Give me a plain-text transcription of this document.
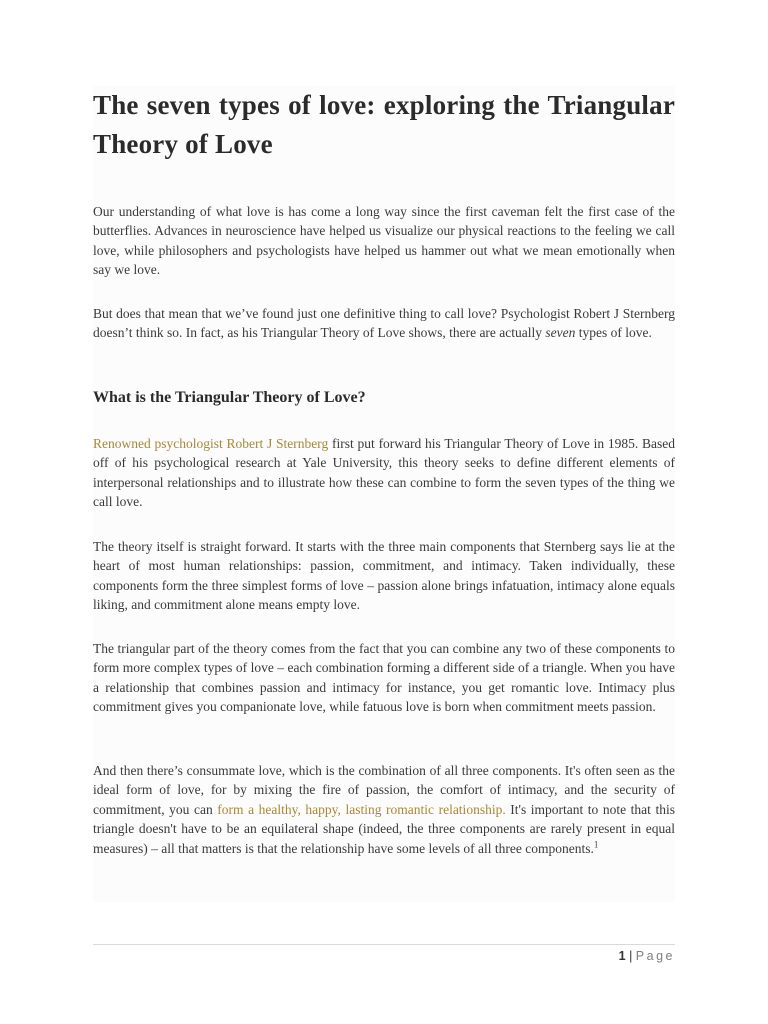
The seven types of love: exploring the Triangular Theory of Love

Our understanding of what love is has come a long way since the first caveman felt the first case of the butterflies. Advances in neuroscience have helped us visualize our physical reactions to the feeling we call love, while philosophers and psychologists have helped us hammer out what we mean emotionally when say we love.

But does that mean that we’ve found just one definitive thing to call love? Psychologist Robert J Sternberg doesn’t think so. In fact, as his Triangular Theory of Love shows, there are actually seven types of love.

What is the Triangular Theory of Love?

Renowned psychologist Robert J Sternberg first put forward his Triangular Theory of Love in 1985. Based off of his psychological research at Yale University, this theory seeks to define different elements of interpersonal relationships and to illustrate how these can combine to form the seven types of the thing we call love.

The theory itself is straight forward. It starts with the three main components that Sternberg says lie at the heart of most human relationships: passion, commitment, and intimacy. Taken individually, these components form the three simplest forms of love – passion alone brings infatuation, intimacy alone equals liking, and commitment alone means empty love.

The triangular part of the theory comes from the fact that you can combine any two of these components to form more complex types of love – each combination forming a different side of a triangle. When you have a relationship that combines passion and intimacy for instance, you get romantic love. Intimacy plus commitment gives you companionate love, while fatuous love is born when commitment meets passion.

And then there’s consummate love, which is the combination of all three components. It's often seen as the ideal form of love, for by mixing the fire of passion, the comfort of intimacy, and the security of commitment, you can form a healthy, happy, lasting romantic relationship. It's important to note that this triangle doesn't have to be an equilateral shape (indeed, the three components are rarely present in equal measures) – all that matters is that the relationship have some levels of all three components.$^1$

1 | Page
